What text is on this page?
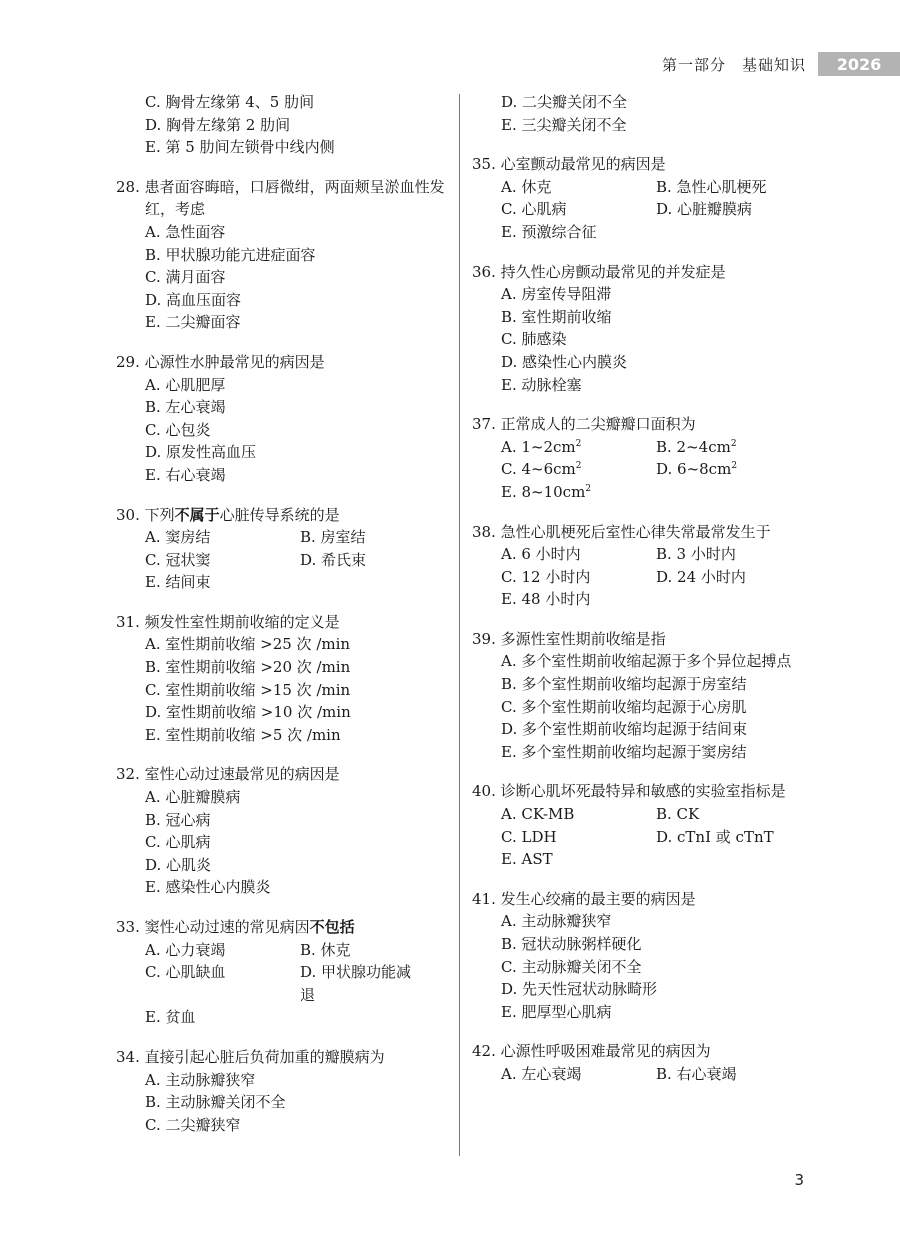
第一部分　基础知识	2026
C. 胸骨左缘第 4、5 肋间
D. 胸骨左缘第 2 肋间
E. 第 5 肋间左锁骨中线内侧
28. 患者面容晦暗，口唇微绀，两面颊呈淤血性发红，考虑
A. 急性面容
B. 甲状腺功能亢进症面容
C. 满月面容
D. 高血压面容
E. 二尖瓣面容
29. 心源性水肿最常见的病因是
A. 心肌肥厚
B. 左心衰竭
C. 心包炎
D. 原发性高血压
E. 右心衰竭
30. 下列不属于心脏传导系统的是
A. 窦房结	B. 房室结
C. 冠状窦	D. 希氏束
E. 结间束
31. 频发性室性期前收缩的定义是
A. 室性期前收缩 >25 次 /min
B. 室性期前收缩 >20 次 /min
C. 室性期前收缩 >15 次 /min
D. 室性期前收缩 >10 次 /min
E. 室性期前收缩 >5 次 /min
32. 室性心动过速最常见的病因是
A. 心脏瓣膜病
B. 冠心病
C. 心肌病
D. 心肌炎
E. 感染性心内膜炎
33. 窦性心动过速的常见病因不包括
A. 心力衰竭	B. 休克
C. 心肌缺血	D. 甲状腺功能减退
E. 贫血
34. 直接引起心脏后负荷加重的瓣膜病为
A. 主动脉瓣狭窄
B. 主动脉瓣关闭不全
C. 二尖瓣狭窄
D. 二尖瓣关闭不全
E. 三尖瓣关闭不全
35. 心室颤动最常见的病因是
A. 休克	B. 急性心肌梗死
C. 心肌病	D. 心脏瓣膜病
E. 预激综合征
36. 持久性心房颤动最常见的并发症是
A. 房室传导阻滞
B. 室性期前收缩
C. 肺感染
D. 感染性心内膜炎
E. 动脉栓塞
37. 正常成人的二尖瓣瓣口面积为
A. $1\sim 2cm^2$	B. $2\sim 4cm^2$
C. $4\sim 6cm^2$	D. $6\sim 8cm^2$
E. $8\sim 10cm^2$
38. 急性心肌梗死后室性心律失常最常发生于
A. 6 小时内	B. 3 小时内
C. 12 小时内	D. 24 小时内
E. 48 小时内
39. 多源性室性期前收缩是指
A. 多个室性期前收缩起源于多个异位起搏点
B. 多个室性期前收缩均起源于房室结
C. 多个室性期前收缩均起源于心房肌
D. 多个室性期前收缩均起源于结间束
E. 多个室性期前收缩均起源于窦房结
40. 诊断心肌坏死最特异和敏感的实验室指标是
A. CK-MB	B. CK
C. LDH	D. cTnI 或 cTnT
E. AST
41. 发生心绞痛的最主要的病因是
A. 主动脉瓣狭窄
B. 冠状动脉粥样硬化
C. 主动脉瓣关闭不全
D. 先天性冠状动脉畸形
E. 肥厚型心肌病
42. 心源性呼吸困难最常见的病因为
A. 左心衰竭	B. 右心衰竭
3
